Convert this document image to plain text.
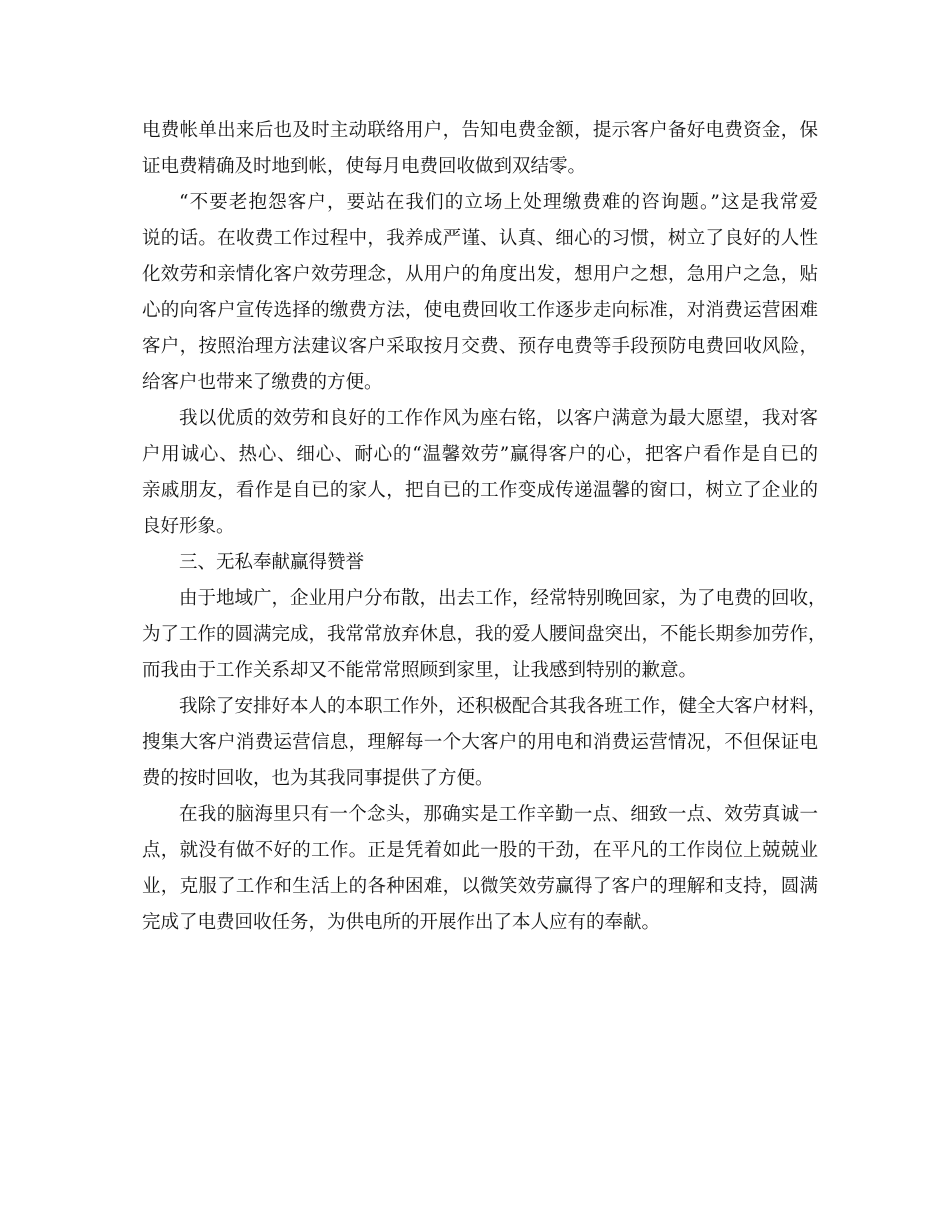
电费帐单出来后也及时主动联络用户，告知电费金额，提示客户备好电费资金，保
证电费精确及时地到帐，使每月电费回收做到双结零。
“不要老抱怨客户，要站在我们的立场上处理缴费难的咨询题。”这是我常爱
说的话。在收费工作过程中，我养成严谨、认真、细心的习惯，树立了良好的人性
化效劳和亲情化客户效劳理念，从用户的角度出发，想用户之想，急用户之急，贴
心的向客户宣传选择的缴费方法，使电费回收工作逐步走向标准，对消费运营困难
客户，按照治理方法建议客户采取按月交费、预存电费等手段预防电费回收风险，
给客户也带来了缴费的方便。
我以优质的效劳和良好的工作作风为座右铭，以客户满意为最大愿望，我对客
户用诚心、热心、细心、耐心的“温馨效劳”赢得客户的心，把客户看作是自已的
亲戚朋友，看作是自已的家人，把自已的工作变成传递温馨的窗口，树立了企业的
良好形象。
三、无私奉献赢得赞誉
由于地域广，企业用户分布散，出去工作，经常特别晚回家，为了电费的回收，
为了工作的圆满完成，我常常放弃休息，我的爱人腰间盘突出，不能长期参加劳作，
而我由于工作关系却又不能常常照顾到家里，让我感到特别的歉意。
我除了安排好本人的本职工作外，还积极配合其我各班工作，健全大客户材料，
搜集大客户消费运营信息，理解每一个大客户的用电和消费运营情况，不但保证电
费的按时回收，也为其我同事提供了方便。
在我的脑海里只有一个念头，那确实是工作辛勤一点、细致一点、效劳真诚一
点，就没有做不好的工作。正是凭着如此一股的干劲，在平凡的工作岗位上兢兢业
业，克服了工作和生活上的各种困难，以微笑效劳赢得了客户的理解和支持，圆满
完成了电费回收任务，为供电所的开展作出了本人应有的奉献。
